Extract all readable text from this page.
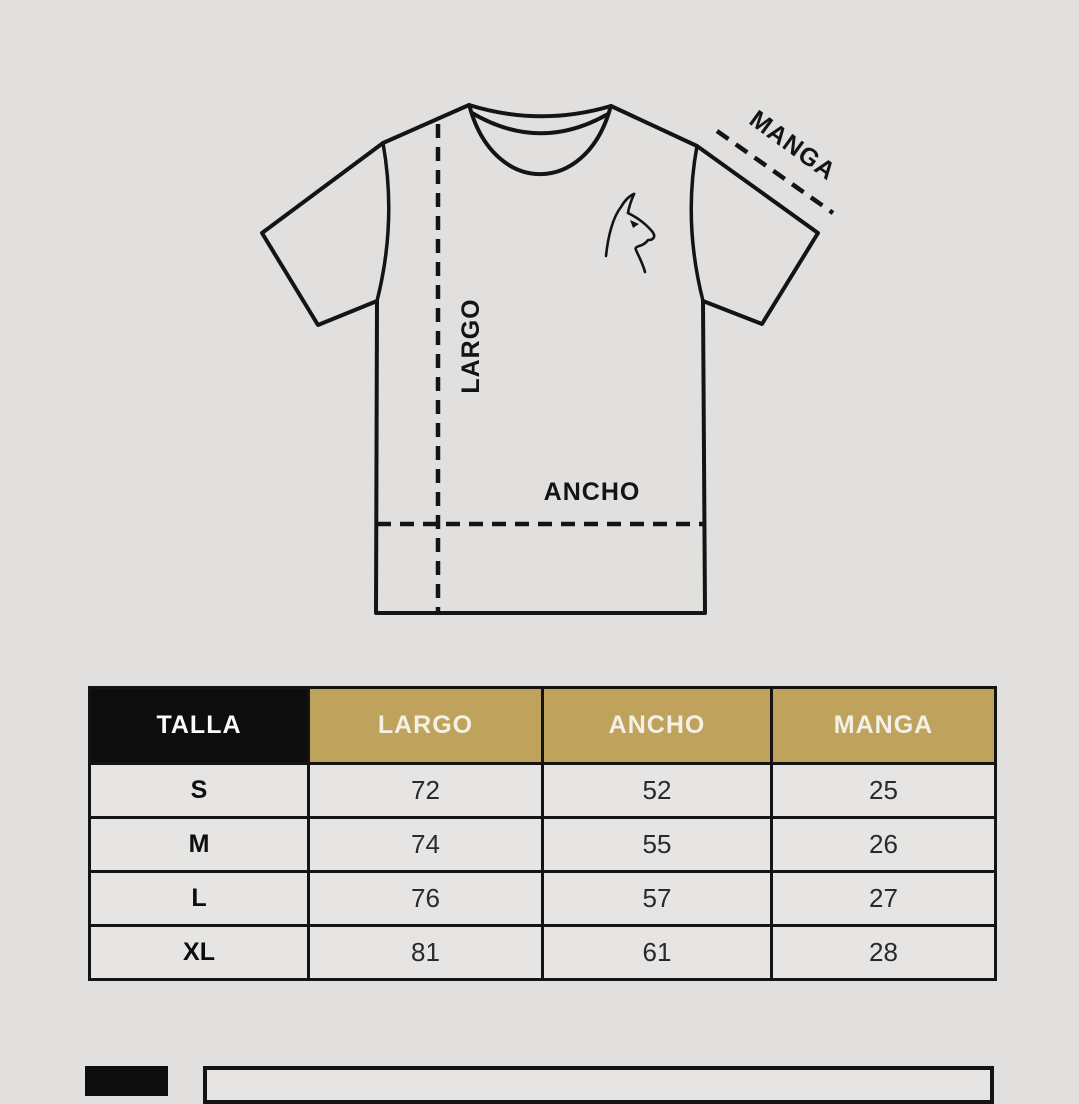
LARGO
ANCHO
MANGA
TALLA	LARGO	ANCHO	MANGA
S	72	52	25
M	74	55	26
L	76	57	27
XL	81	61	28
